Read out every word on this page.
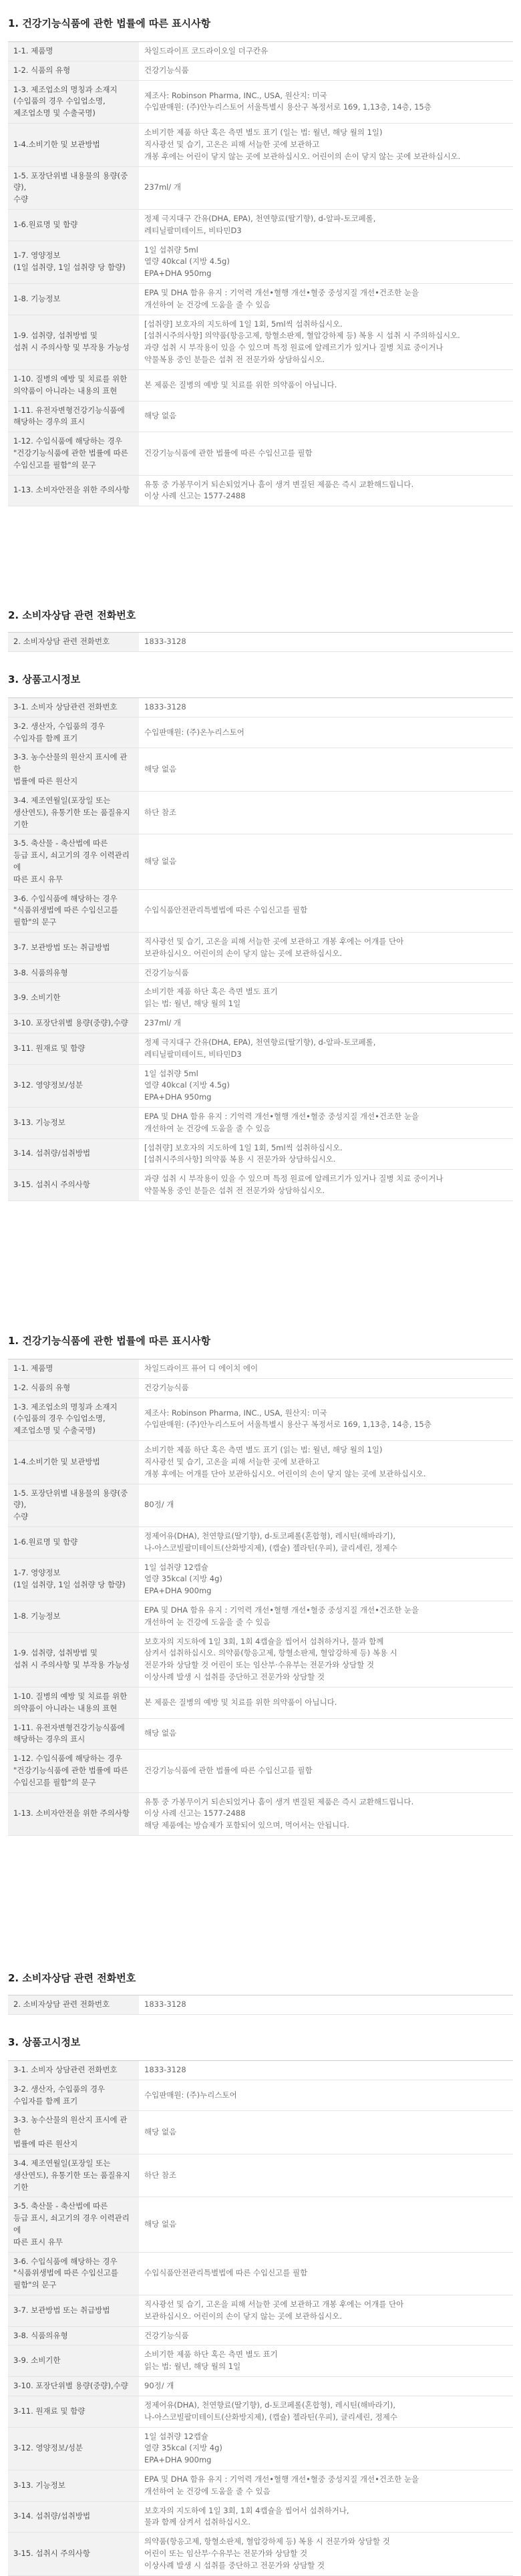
1. 건강기능식품에 관한 법률에 따른 표시사항
1-1. 제품명	차일드라이프 코드라이오일 더구칸유
1-2. 식품의 유형	건강기능식품
1-3. 제조업소의 명칭과 소재지
(수입품의 경우 수입업소명,
제조업소명 및 수출국명)	제조사: Robinson Pharma, INC., USA, 원산지: 미국
수입판매원: (주)안누리스토어 서울특별시 용산구 복정서로 169, 1,13층, 14층, 15층
1-4.소비기한 및 보관방법	소비기한 제품 하단 혹은 측면 별도 표기 (일는 법: 월년, 해당 월의 1일)
직사광선 및 습기, 고온은 피해 서늘한 곳에 보관하고
개봉 후에는 어린이 닿지 않는 곳에 보관하십시오. 어린이의 손이 닿지 않는 곳에 보관하십시오.
1-5. 포장단위별 내용물의 용량(중량),
수량	237ml/ 개
1-6.원료명 및 함량	정제 극지대구 간유(DHA, EPA), 천연향료(딸기향), d-알파-토코페롤,
레티닐팔미테이트, 비타민D3
1-7. 영양정보
(1일 섭취량, 1일 섭취량 당 함량)	1일 섭취량 5ml
열량 40kcal (지방 4.5g)
EPA+DHA 950mg
1-8. 기능정보	EPA 및 DHA 함유 유지 : 기억력 개선•혈행 개선•혈중 중성지질 개선•건조한 눈을
개선하여 눈 건강에 도움을 줄 수 있음
1-9. 섭취량, 섭취방법 및
섭취 시 주의사항 및 부작용 가능성	[섭취량] 보호자의 지도하에 1일 1회, 5ml씩 섭취하십시오.
[섭취시주의사항] 의약품(항응고제, 항혈소판제, 혈압강하제 등) 복용 시 섭취 시 주의하십시오.
과량 섭취 시 부작용이 있을 수 있으며 특정 원료에 알레르기가 있거나 질병 치료 중이거나
약물복용 중인 분들은 섭취 전 전문가와 상담하십시오.
1-10. 질병의 예방 및 치료를 위한
의약품이 아니라는 내용의 표현	본 제품은 질병의 예방 및 치료를 위한 의약품이 아닙니다.
1-11. 유전자변형건강기능식품에
해당하는 경우의 표시	해당 없음
1-12. 수입식품에 해당하는 경우
"건강기능식품에 관한 법률에 따른
수입신고를 필함"의 문구	건강기능식품에 관한 법률에 따른 수입신고를 필함
1-13. 소비자안전을 위한 주의사항	유통 중 가봉무이거 되손되었거나 흠이 생겨 변질된 제품은 즉시 교환해드립니다.
이상 사례 신고는 1577-2488
2. 소비자상담 관련 전화번호
2. 소비자상담 관련 전화번호	1833-3128
3. 상품고시정보
3-1. 소비자 상담관련 전화번호	1833-3128
3-2. 생산자, 수입품의 경우
수입자를 함께 표기	수입판매원: (주)온누리스토어
3-3. 농수산물의 원산지 표시에 관한
법률에 따른 원산지	해당 없음
3-4. 제조연월일(포장일 또는
생산연도), 유통기한 또는 품질유지기한	하단 참조
3-5. 축산물 - 축산법에 따른
등급 표시, 쇠고기의 경우 이력관리에
따른 표시 유무	해당 없음
3-6. 수입식품에 해당하는 경우
"식품위생법에 따른 수입신고를
필함"의 문구	수입식품안전관리특별법에 따른 수입신고를 필함
3-7. 보관방법 또는 취급방법	직사광선 및 습기, 고온을 피해 서늘한 곳에 보관하고 개봉 후에는 어개를 단아
보관하십시오. 어린이의 손이 닿지 않는 곳에 보관하십시오.
3-8. 식품의유형	건강기능식품
3-9. 소비기한	소비기한 제품 하단 혹은 측면 별도 표기
읽는 법: 월년, 해당 월의 1일
3-10. 포장단위별 용량(중량),수량	237ml/ 개
3-11. 원재료 및 함량	정제 극지대구 간유(DHA, EPA), 천연향료(딸기향), d-알파-토코페롤,
레티닐팔미테이트, 비타민D3
3-12. 영양정보/성분	1일 섭취량 5ml
열량 40kcal (지방 4.5g)
EPA+DHA 950mg
3-13. 기능정보	EPA 및 DHA 함유 유지 : 기억력 개선•혈행 개선•혈중 중성지질 개선•건조한 눈을
개선하여 눈 건강에 도움을 줄 수 있음
3-14. 섭취량/섭취방법	[섭취량] 보호자의 지도하에 1일 1회, 5ml씩 섭취하십시오.
[섭취시주의사항] 의약품 복용 시 전문가와 상담하십시오.
3-15. 섭취시 주의사항	과량 섭취 시 부작용이 있을 수 있으며 특정 원료에 알레르기가 있거나 질병 치료 중이거나
약물복용 중인 분들은 섭취 전 전문가와 상담하십시오.
1. 건강기능식품에 관한 법률에 따른 표시사항
1-1. 제품명	차일드라이프 퓨어 디 에이치 에이
1-2. 식품의 유형	건강기능식품
1-3. 제조업소의 명칭과 소재지
(수입품의 경우 수입업소명,
제조업소명 및 수출국명)	제조사: Robinson Pharma, INC., USA, 원산지: 미국
수입판매원: (주)안누리스토어 서울특별시 용산구 복정서로 169, 1,13층, 14층, 15층
1-4.소비기한 및 보관방법	소비기한 제품 하단 혹은 측면 별도 표기 (읽는 법: 월년, 해당 월의 1일)
직사광선 및 습기, 고온을 피해 서늘한 곳에 보관하고
개봉 후에는 어개를 단아 보관하십시오. 어린이의 손이 닿지 않는 곳에 보관하십시오.
1-5. 포장단위별 내용물의 용량(중량),
수량	80정/ 개
1-6.원료명 및 함량	정제어유(DHA), 천연향료(딸기향), d-토코페롤(혼합형), 레시틴(해바라기),
나-아스코빌팔미테이트(산화방지제), (캡슐) 젤라틴(우피), 글리세린, 정제수
1-7. 영양정보
(1일 섭취량, 1일 섭취량 당 함량)	1일 섭취량 12캡슐
열량 35kcal (지방 4g)
EPA+DHA 900mg
1-8. 기능정보	EPA 및 DHA 함유 유지 : 기억력 개선•혈행 개선•혈중 중성지질 개선•건조한 눈을
개선하여 눈 건강에 도움을 줄 수 있음
1-9. 섭취량, 섭취방법 및
섭취 시 주의사항 및 부작용 가능성	보호자의 지도하에 1일 3회, 1회 4캡슐을 씹어서 섭취하거나, 물과 함께
삼켜서 섭취하십시오. 의약품(항응고제, 항혈소판제, 혈압강하제 등) 복용 시
전문가와 상담할 것 어린이 또는 임산부·수유부는 전문가와 상담할 것
이상사례 발생 시 섭취를 중단하고 전문가와 상담할 것
1-10. 질병의 예방 및 치료를 위한
의약품이 아니라는 내용의 표현	본 제품은 질병의 예방 및 치료를 위한 의약품이 아닙니다.
1-11. 유전자변형건강기능식품에
해당하는 경우의 표시	해당 없음
1-12. 수입식품에 해당하는 경우
"건강기능식품에 관한 법률에 따른
수입신고를 필함"의 문구	건강기능식품에 관한 법률에 따른 수입신고를 필함
1-13. 소비자안전을 위한 주의사항	유통 중 가봉무이거 되손되었거나 흠이 생겨 변질된 제품은 즉시 교환해드립니다.
이상 사례 신고는 1577-2488
해당 제품에는 방습제가 포함되어 있으며, 먹어서는 안됩니다.
2. 소비자상담 관련 전화번호
2. 소비자상담 관련 전화번호	1833-3128
3. 상품고시정보
3-1. 소비자 상담관련 전화번호	1833-3128
3-2. 생산자, 수입품의 경우
수입자를 함께 표기	수입판매원: (주)누리스토어
3-3. 농수산물의 원산지 표시에 관한
법률에 따른 원산지	해당 없음
3-4. 제조연월일(포장일 또는
생산연도), 유통기한 또는 품질유지기한	하단 참조
3-5. 축산물 - 축산법에 따른
등급 표시, 쇠고기의 경우 이력관리에
따른 표시 유무	해당 없음
3-6. 수입식품에 해당하는 경우
"식품위생법에 따른 수입신고를
필함"의 문구	수입식품안전관리특별법에 따른 수입신고를 필함
3-7. 보관방법 또는 취급방법	직사광선 및 습기, 고온을 피해 서늘한 곳에 보관하고 개봉 후에는 어개를 단아
보관하십시오. 어린이의 손이 닿지 않는 곳에 보관하십시오.
3-8. 식품의유형	건강기능식품
3-9. 소비기한	소비기한 제품 하단 혹은 측면 별도 표기
읽는 법: 월년, 해당 월의 1일
3-10. 포장단위별 용량(중량),수량	90정/ 개
3-11. 원재료 및 함량	정제어유(DHA), 천연향료(딸기향), d-토코페롤(혼합형), 레시틴(해바라기),
나-아스코빌팔미테이트(산화방지제), (캡슐) 젤라틴(우피), 글리세린, 정제수
3-12. 영양정보/성분	1일 섭취량 12캡슐
열량 35kcal (지방 4g)
EPA+DHA 900mg
3-13. 기능정보	EPA 및 DHA 함유 유지 : 기억력 개선•혈행 개선•혈중 중성지질 개선•건조한 눈을
개선하여 눈 건강에 도움을 줄 수 있음
3-14. 섭취량/섭취방법	보호자의 지도하에 1일 3회, 1회 4캡슐을 씹어서 섭취하거나,
물과 함께 삼켜서 섭취하십시오.
3-15. 섭취시 주의사항	의약품(항응고제, 항혈소판제, 혈압강하제 등) 복용 시 전문가와 상담할 것
어린이 또는 임산부·수유부는 전문가와 상담할 것
이상사례 발생 시 섭취를 중단하고 전문가와 상담할 것
